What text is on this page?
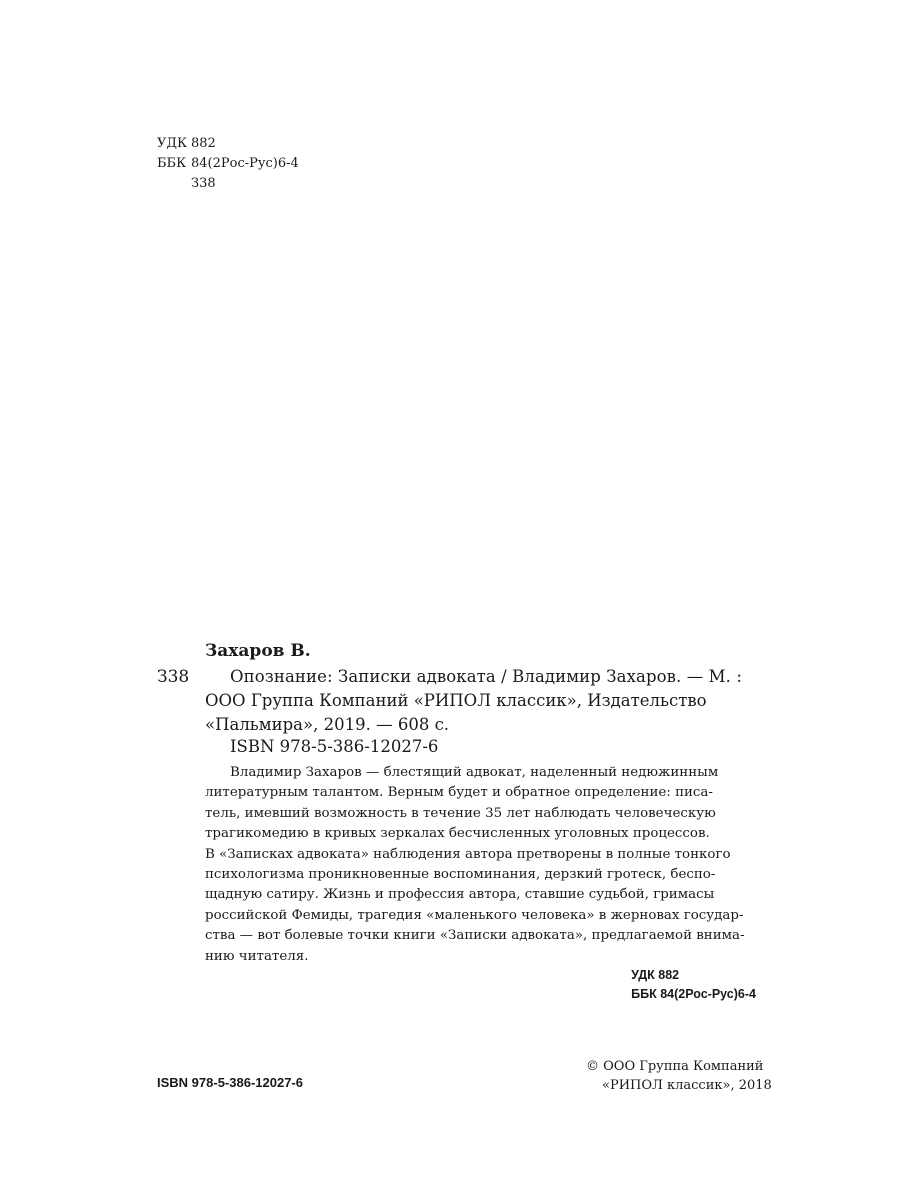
УДК 882
ББК 84(2Рос-Рус)6-4
З38
Захаров В.
З38	Опознание: Записки адвоката / Владимир Захаров. — М. :
ООО Группа Компаний «РИПОЛ классик», Издательство
«Пальмира», 2019. — 608 с.
ISBN 978-5-386-12027-6
Владимир Захаров — блестящий адвокат, наделенный недюжинным
литературным талантом. Верным будет и обратное определение: писа-
тель, имевший возможность в течение 35 лет наблюдать человеческую
трагикомедию в кривых зеркалах бесчисленных уголовных процессов.
В «Записках адвоката» наблюдения автора претворены в полные тонкого
психологизма проникновенные воспоминания, дерзкий гротеск, беспо-
щадную сатиру. Жизнь и профессия автора, ставшие судьбой, гримасы
российской Фемиды, трагедия «маленького человека» в жерновах государ-
ства — вот болевые точки книги «Записки адвоката», предлагаемой внима-
нию читателя.
УДК 882
ББК 84(2Рос-Рус)6-4
ISBN 978-5-386-12027-6
© ООО Группа Компаний
«РИПОЛ классик», 2018
